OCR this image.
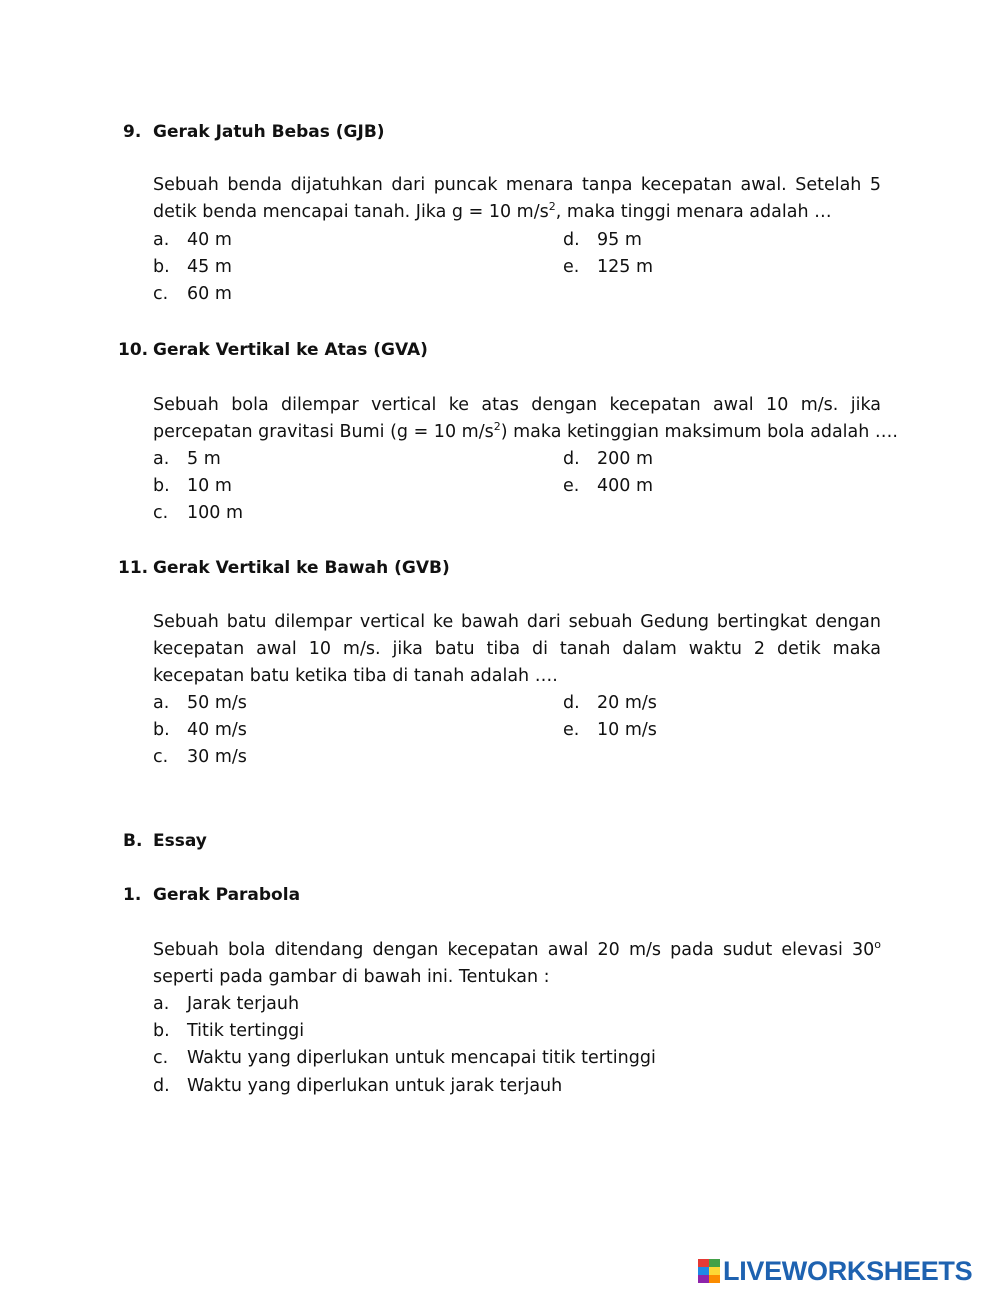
9. Gerak Jatuh Bebas (GJB)
Sebuah benda dijatuhkan dari puncak menara tanpa kecepatan awal. Setelah 5
detik benda mencapai tanah. Jika g = 10 $m/s^2$, maka tinggi menara adalah …
a. 40 m
b. 45 m
c. 60 m
d. 95 m
e. 125 m
10. Gerak Vertikal ke Atas (GVA)
Sebuah bola dilempar vertical ke atas dengan kecepatan awal 10 m/s. jika
percepatan gravitasi Bumi (g = 10 $m/s^2$) maka ketinggian maksimum bola adalah ….
a. 5 m
b. 10 m
c. 100 m
d. 200 m
e. 400 m
11. Gerak Vertikal ke Bawah (GVB)
Sebuah batu dilempar vertical ke bawah dari sebuah Gedung bertingkat dengan
kecepatan awal 10 m/s. jika batu tiba di tanah dalam waktu 2 detik maka
kecepatan batu ketika tiba di tanah adalah ….
a. 50 m/s
b. 40 m/s
c. 30 m/s
d. 20 m/s
e. 10 m/s
B. Essay
1. Gerak Parabola
Sebuah bola ditendang dengan kecepatan awal 20 m/s pada sudut elevasi 30$^o$
seperti pada gambar di bawah ini. Tentukan :
a. Jarak terjauh
b. Titik tertinggi
c. Waktu yang diperlukan untuk mencapai titik tertinggi
d. Waktu yang diperlukan untuk jarak terjauh
LIVEWORKSHEETS
